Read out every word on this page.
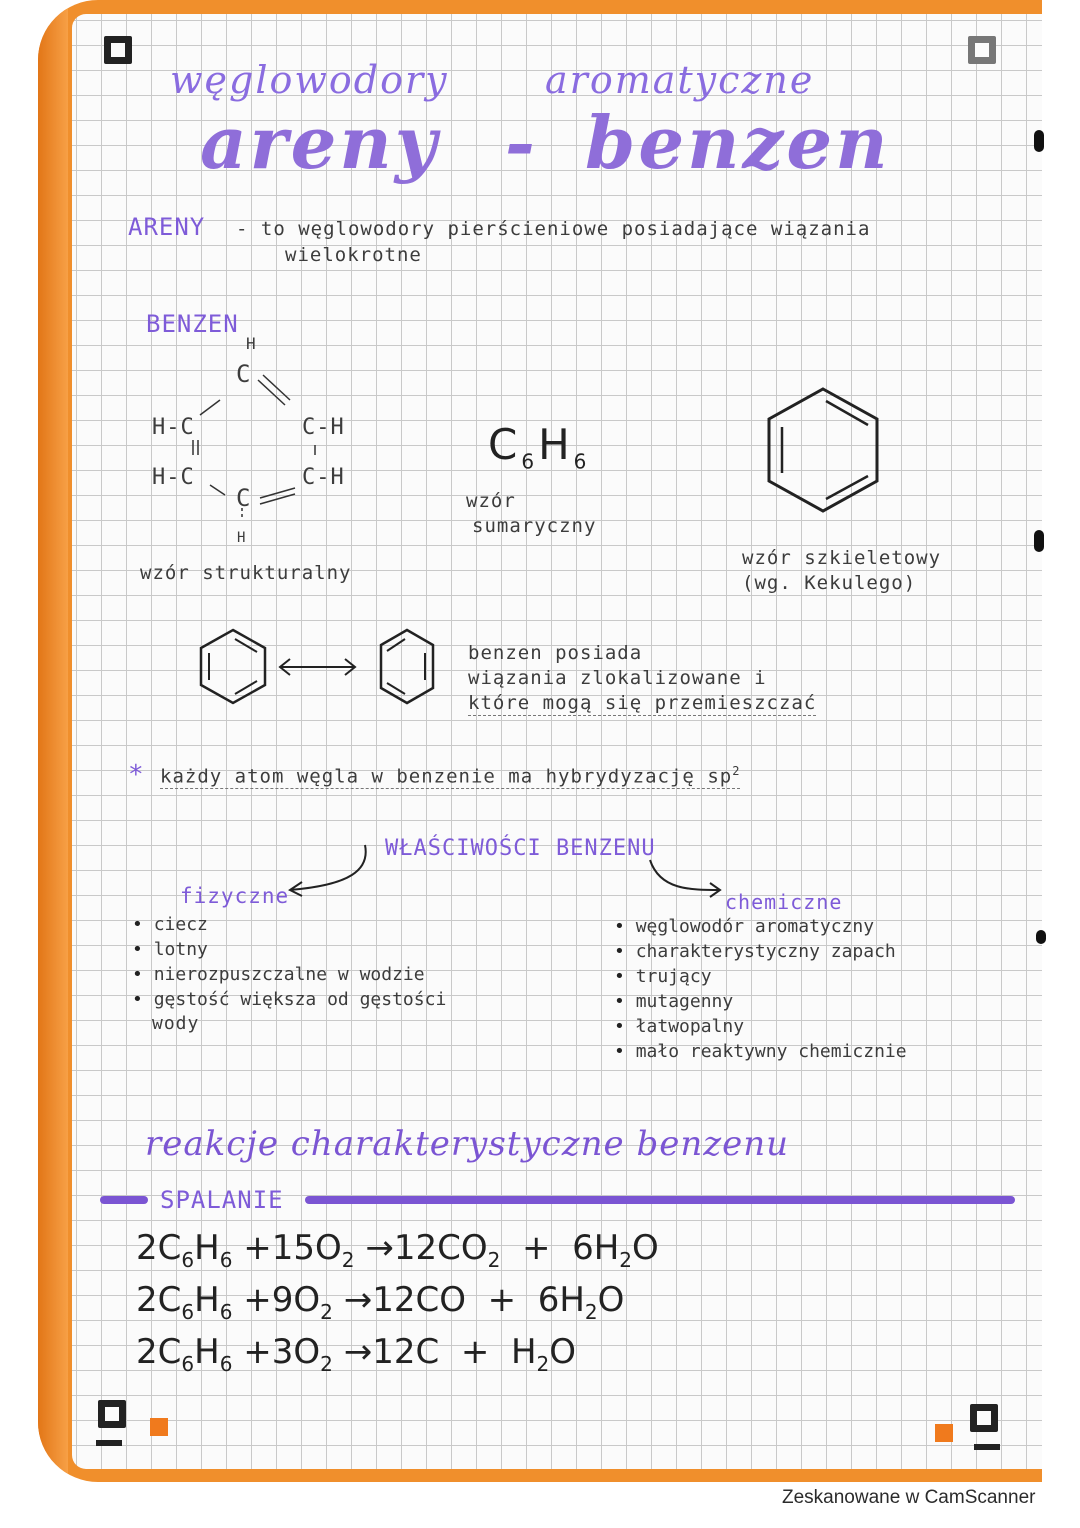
węglowodory	aromatyczne
areny - benzen
ARENY - to węglowodory pierścieniowe posiadające wiązania
wielokrotne
BENZEN
H
C
H-C	C-H
H-C	C-H
C
H
wzór strukturalny
$C_6H_6$
wzór
sumaryczny
wzór szkieletowy
(wg. Kekulego)
benzen posiada
wiązania zlokalizowane i
które mogą się przemieszczać
* każdy atom węgla w benzenie ma hybrydyzację $sp^2$
WŁAŚCIWOŚCI BENZENU
fizyczne	chemiczne
• ciecz
• lotny
• nierozpuszczalne w wodzie
• gęstość większa od gęstości
wody
• węglowodór aromatyczny
• charakterystyczny zapach
• trujący
• mutagenny
• łatwopalny
• mało reaktywny chemicznie
reakcje charakterystyczne benzenu
SPALANIE
$2C_6H_6 +15O_2 \to 12CO_2 + 6H_2O$
$2C_6H_6 +9O_2 \to 12CO + 6H_2O$
$2C_6H_6 +3O_2 \to 12C + H_2O$
Zeskanowane w CamScanner
